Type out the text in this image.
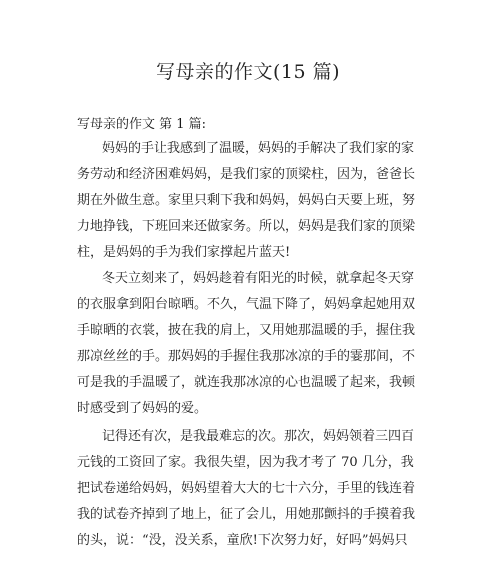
写母亲的作文(15 篇)
写母亲的作文 第 1 篇:
妈妈的手让我感到了温暖，妈妈的手解决了我们家的家
务劳动和经济困难妈妈，是我们家的顶梁柱，因为，爸爸长
期在外做生意。家里只剩下我和妈妈，妈妈白天要上班，努
力地挣钱，下班回来还做家务。所以，妈妈是我们家的顶梁
柱，是妈妈的手为我们家撑起片蓝天!
冬天立刻来了，妈妈趁着有阳光的时候，就拿起冬天穿
的衣服拿到阳台晾晒。不久，气温下降了，妈妈拿起她用双
手晾晒的衣裳，披在我的肩上，又用她那温暖的手，握住我
那凉丝丝的手。那妈妈的手握住我那冰凉的手的霎那间，不
可是我的手温暖了，就连我那冰凉的心也温暖了起来，我顿
时感受到了妈妈的爱。
记得还有次，是我最难忘的次。那次，妈妈领着三四百
元钱的工资回了家。我很失望，因为我才考了 70 几分，我
把试卷递给妈妈，妈妈望着大大的七十六分，手里的钱连着
我的试卷齐掉到了地上，征了会儿，用她那颤抖的手摸着我
的头，说：“没，没关系，童欣!下次努力好，好吗”妈妈只
